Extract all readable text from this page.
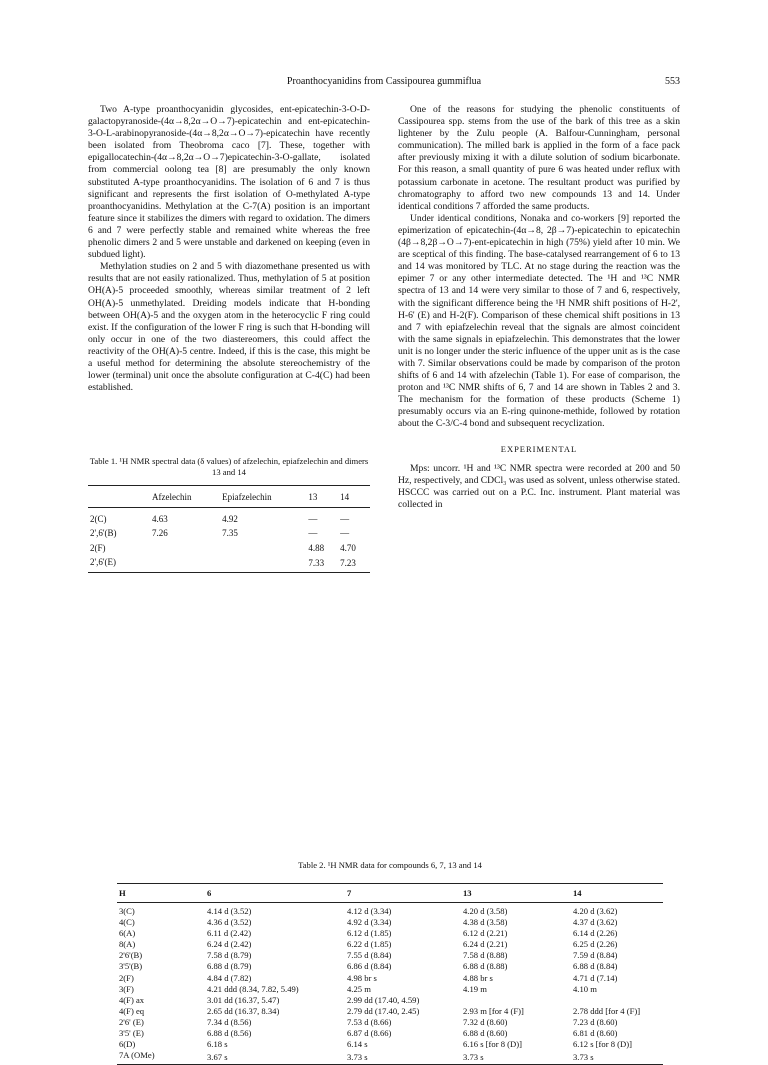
Proanthocyanidins from Cassipourea gummiflua	553

Two A-type proanthocyanidin glycosides, ent-epicatechin-3-O-D-galactopyranoside-(4α→8,2α→O→7)-epicatechin and ent-epicatechin-3-O-L-arabinopyranoside-(4α→8,2α→O→7)-epicatechin have recently been isolated from Theobroma caco [7]. These, together with epigallocatechin-(4α→8,2α→O→7)epicatechin-3-O-gallate, isolated from commercial oolong tea [8] are presumably the only known substituted A-type proanthocyanidins. The isolation of 6 and 7 is thus significant and represents the first isolation of O-methylated A-type proanthocyanidins. Methylation at the C-7(A) position is an important feature since it stabilizes the dimers with regard to oxidation. The dimers 6 and 7 were perfectly stable and remained white whereas the free phenolic dimers 2 and 5 were unstable and darkened on keeping (even in subdued light).

Methylation studies on 2 and 5 with diazomethane presented us with results that are not easily rationalized. Thus, methylation of 5 at position OH(A)-5 proceeded smoothly, whereas similar treatment of 2 left OH(A)-5 unmethylated. Dreiding models indicate that H-bonding between OH(A)-5 and the oxygen atom in the heterocyclic F ring could exist. If the configuration of the lower F ring is such that H-bonding will only occur in one of the two diastereomers, this could affect the reactivity of the OH(A)-5 centre. Indeed, if this is the case, this might be a useful method for determining the absolute stereochemistry of the lower (terminal) unit once the absolute configuration at C-4(C) had been established.

Table 1. ¹H NMR spectral data (δ values) of afzelechin, epiafzelechin and dimers 13 and 14
	Afzelechin	Epiafzelechin	13	14

2(C)	4.63	4.92	—	—
2',6'(B)	7.26	7.35	—	—
2(F)			4.88	4.70
2',6'(E)			7.33	7.23

One of the reasons for studying the phenolic constituents of Cassipourea spp. stems from the use of the bark of this tree as a skin lightener by the Zulu people (A. Balfour-Cunningham, personal communication). The milled bark is applied in the form of a face pack after previously mixing it with a dilute solution of sodium bicarbonate. For this reason, a small quantity of pure 6 was heated under reflux with potassium carbonate in acetone. The resultant product was purified by chromatography to afford two new compounds 13 and 14. Under identical conditions 7 afforded the same products.

Under identical conditions, Nonaka and co-workers [9] reported the epimerization of epicatechin-(4α→8, 2β→7)-epicatechin to epicatechin (4β→8,2β→O→7)-ent-epicatechin in high (75%) yield after 10 min. We are sceptical of this finding. The base-catalysed rearrangement of 6 to 13 and 14 was monitored by TLC. At no stage during the reaction was the epimer 7 or any other intermediate detected. The ¹H and ¹³C NMR spectra of 13 and 14 were very similar to those of 7 and 6, respectively, with the significant difference being the ¹H NMR shift positions of H-2', H-6' (E) and H-2(F). Comparison of these chemical shift positions in 13 and 7 with epiafzelechin reveal that the signals are almost coincident with the same signals in epiafzelechin. This demonstrates that the lower unit is no longer under the steric influence of the upper unit as is the case with 7. Similar observations could be made by comparison of the proton shifts of 6 and 14 with afzelechin (Table 1). For ease of comparison, the proton and ¹³C NMR shifts of 6, 7 and 14 are shown in Tables 2 and 3. The mechanism for the formation of these products (Scheme 1) presumably occurs via an E-ring quinone-methide, followed by rotation about the C-3/C-4 bond and subsequent recyclization.

EXPERIMENTAL

Mps: uncorr. ¹H and ¹³C NMR spectra were recorded at 200 and 50 Hz, respectively, and CDCl₃ was used as solvent, unless otherwise stated. HSCCC was carried out on a P.C. Inc. instrument. Plant material was collected in

Table 2. ¹H NMR data for compounds 6, 7, 13 and 14
H	6	7	13	14

3(C)	4.14 d (3.52)	4.12 d (3.34)	4.20 d (3.58)	4.20 d (3.62)
4(C)	4.36 d (3.52)	4.92 d (3.34)	4.38 d (3.58)	4.37 d (3.62)
6(A)	6.11 d (2.42)	6.12 d (1.85)	6.12 d (2.21)	6.14 d (2.26)
8(A)	6.24 d (2.42)	6.22 d (1.85)	6.24 d (2.21)	6.25 d (2.26)
2'6'(B)	7.58 d (8.79)	7.55 d (8.84)	7.58 d (8.88)	7.59 d (8.84)
3'5'(B)	6.88 d (8.79)	6.86 d (8.84)	6.88 d (8.88)	6.88 d (8.84)
2(F)	4.84 d (7.82)	4.98 br s	4.88 br s	4.71 d (7.14)
3(F)	4.21 ddd (8.34, 7.82, 5.49)	4.25 m	4.19 m	4.10 m
4(F) ax	3.01 dd (16.37, 5.47)	2.99 dd (17.40, 4.59)		
4(F) eq	2.65 dd (16.37, 8.34)	2.79 dd (17.40, 2.45)	2.93 m [for 4 (F)]	2.78 ddd [for 4 (F)]
2'6' (E)	7.34 d (8.56)	7.53 d (8.66)	7.32 d (8.60)	7.23 d (8.60)
3'5' (E)	6.88 d (8.56)	6.87 d (8.66)	6.88 d (8.60)	6.81 d (8.60)
6(D)	6.18 s	6.14 s	6.16 s [for 8 (D)]	6.12 s [for 8 (D)]
7A (OMe)	3.67 s	3.73 s	3.73 s	3.73 s
